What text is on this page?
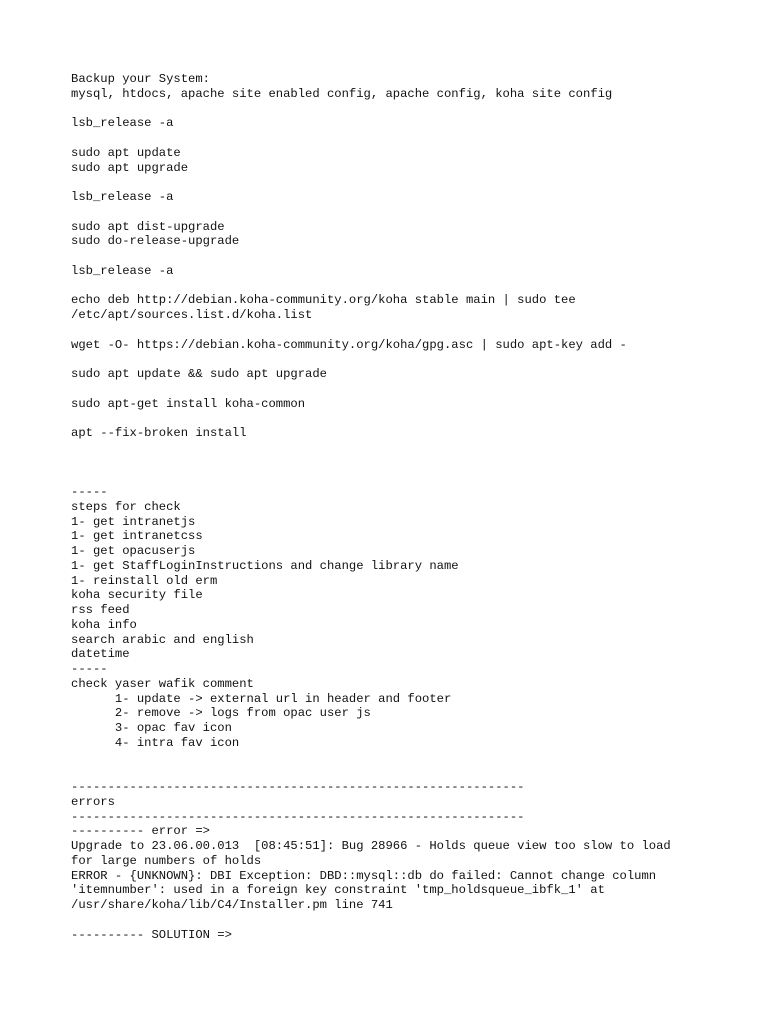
Backup your System:
mysql, htdocs, apache site enabled config, apache config, koha site config
lsb_release -a
sudo apt update
sudo apt upgrade
lsb_release -a
sudo apt dist-upgrade
sudo do-release-upgrade
lsb_release -a
echo deb http://debian.koha-community.org/koha stable main | sudo tee
/etc/apt/sources.list.d/koha.list
wget -O- https://debian.koha-community.org/koha/gpg.asc | sudo apt-key add -
sudo apt update && sudo apt upgrade
sudo apt-get install koha-common
apt --fix-broken install
-----
steps for check
1- get intranetjs
1- get intranetcss
1- get opacuserjs
1- get StaffLoginInstructions and change library name
1- reinstall old erm
koha security file
rss feed
koha info
search arabic and english
datetime
-----
check yaser wafik comment
1- update -> external url in header and footer
2- remove -> logs from opac user js
3- opac fav icon
4- intra fav icon
--------------------------------------------------------------
errors
--------------------------------------------------------------
---------- error =>
Upgrade to 23.06.00.013  [08:45:51]: Bug 28966 - Holds queue view too slow to load
for large numbers of holds
ERROR - {UNKNOWN}: DBI Exception: DBD::mysql::db do failed: Cannot change column
'itemnumber': used in a foreign key constraint 'tmp_holdsqueue_ibfk_1' at
/usr/share/koha/lib/C4/Installer.pm line 741
---------- SOLUTION =>
